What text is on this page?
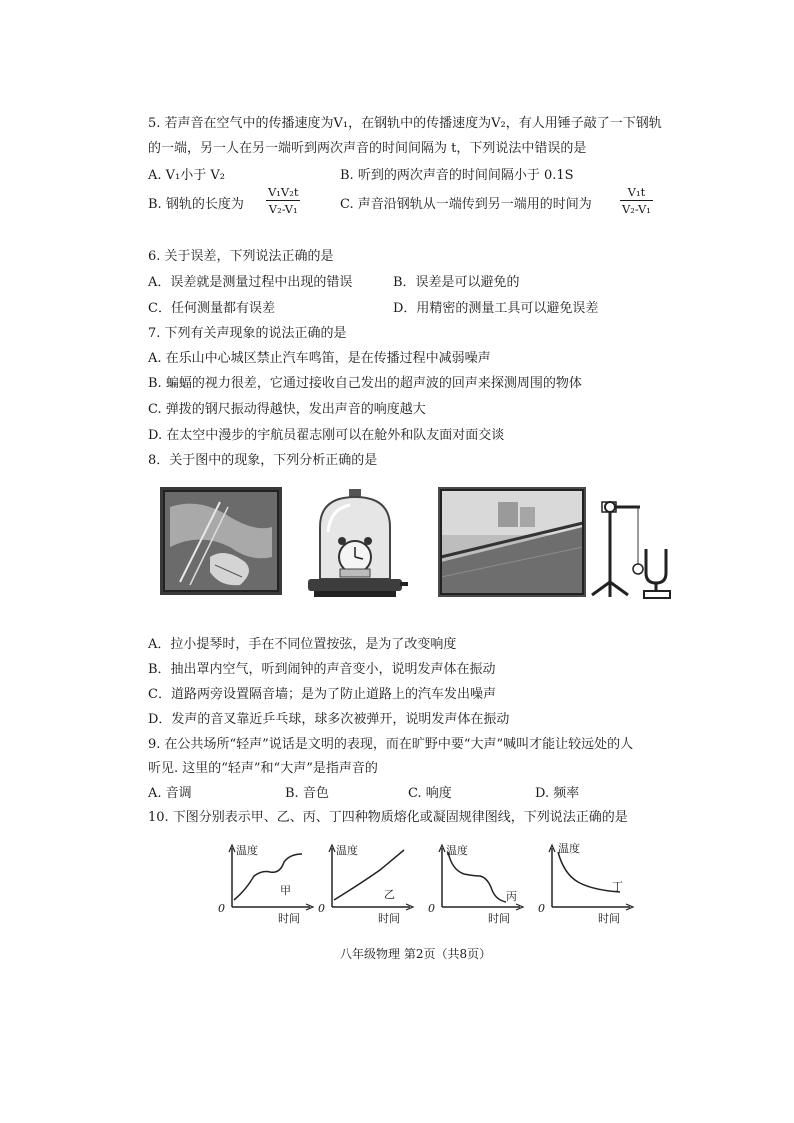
5. 若声音在空气中的传播速度为V₁，在钢轨中的传播速度为V₂，有人用锤子敲了一下钢轨
的一端，另一人在另一端听到两次声音的时间间隔为 t，下列说法中错误的是
A. V₁小于 V₂	B. 听到的两次声音的时间间隔小于 0.1S
B. 钢轨的长度为 $\frac{\text{V₁V₂t}}{\text{V₂-V₁}}$	C. 声音沿钢轨从一端传到另一端用的时间为 $\frac{\text{V₁t}}{\text{V₂-V₁}}$
6. 关于误差，下列说法正确的是
A．误差就是测量过程中出现的错误	B．误差是可以避免的
C．任何测量都有误差	D．用精密的测量工具可以避免误差
7. 下列有关声现象的说法正确的是
A. 在乐山中心城区禁止汽车鸣笛，是在传播过程中减弱噪声
B. 蝙蝠的视力很差，它通过接收自己发出的超声波的回声来探测周围的物体
C. 弹拨的钢尺振动得越快，发出声音的响度越大
D. 在太空中漫步的宇航员翟志刚可以在舱外和队友面对面交谈
8．关于图中的现象，下列分析正确的是
A．拉小提琴时，手在不同位置按弦，是为了改变响度
B．抽出罩内空气，听到闹钟的声音变小，说明发声体在振动
C．道路两旁设置隔音墙；是为了防止道路上的汽车发出噪声
D．发声的音叉靠近乒乓球，球多次被弹开，说明发声体在振动
9. 在公共场所“轻声”说话是文明的表现，而在旷野中要“大声”喊叫才能让较远处的人
听见. 这里的“轻声”和“大声”是指声音的
A. 音调	B. 音色	C. 响度	D. 频率
10. 下图分别表示甲、乙、丙、丁四种物质熔化或凝固规律图线，下列说法正确的是
温度
时间
0
甲
温度
时间
0
乙
温度
时间
0
丙
温度
时间
0
丁
八年级物理 第2页（共8页）
